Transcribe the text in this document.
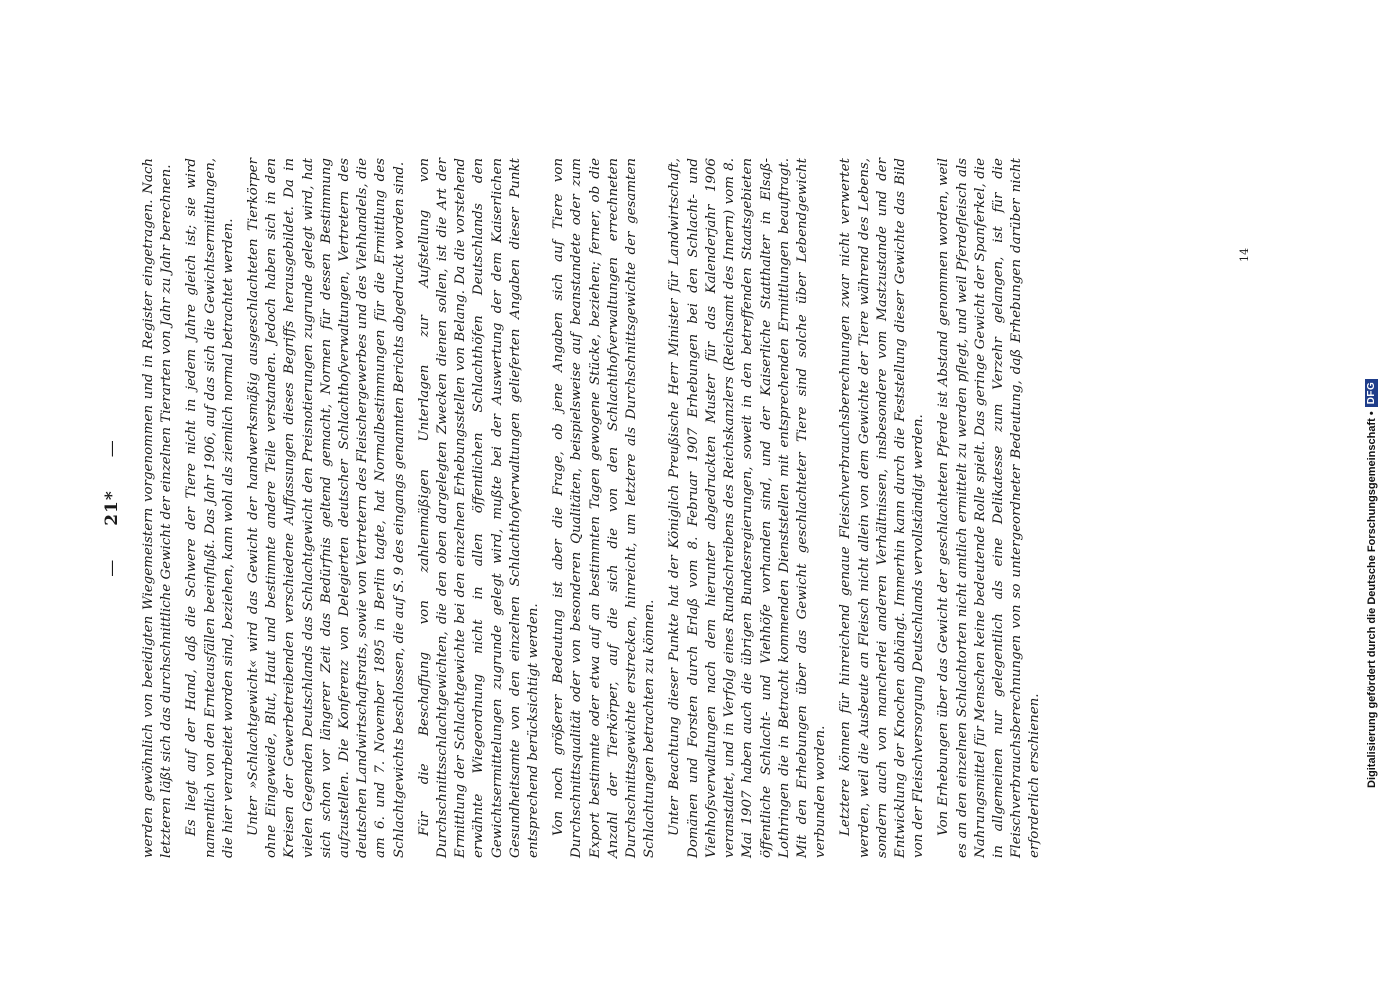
— 21* — werden gewöhnlich von beeidigten Wiegemeistern vorgenommen und in Register eingetragen. Nach letzteren läßt sich das durchschnittliche Gewicht der einzelnen Tierarten von Jahr zu Jahr berechnen. Es liegt auf der Hand, daß die Schwere der Tiere nicht in jedem Jahre gleich ist; sie wird namentlich von den Ernteausfällen beeinflußt. Das Jahr 1906, auf das sich die Gewichtsermittlungen, die hier verarbeitet worden sind, beziehen, kann wohl als ziemlich normal betrachtet werden. Unter »Schlachtgewicht« wird das Gewicht der handwerksmäßig ausgeschlachteten Tierkörper ohne Eingeweide, Blut, Haut und bestimmte andere Teile verstanden. Jedoch haben sich in den Kreisen der Gewerbetreibenden verschiedene Auffassungen dieses Begriffs herausgebildet. Da in vielen Gegenden Deutschlands das Schlachtgewicht den Preisnotierungen zugrunde gelegt wird, hat sich schon vor längerer Zeit das Bedürfnis geltend gemacht, Normen für dessen Bestimmung aufzustellen. Die Konferenz von Delegierten deutscher Schlachthofverwaltungen, Vertretern des deutschen Landwirtschaftsrats, sowie von Vertretern des Fleischergewerbes und des Viehhandels, die am 6. und 7. November 1895 in Berlin tagte, hat Normalbestimmungen für die Ermittlung des Schlachtgewichts beschlossen, die auf S. 9 des eingangs genannten Berichts abgedruckt worden sind. Für die Beschaffung von zahlenmäßigen Unterlagen zur Aufstellung von Durchschnittsschlachtgewichten, die den oben dargelegten Zwecken dienen sollen, ist die Art der Ermittlung der Schlachtgewichte bei den einzelnen Erhebungsstellen von Belang. Da die vorstehend erwähnte Wiegeordnung nicht in allen öffentlichen Schlachthöfen Deutschlands den Gewichtsermittelungen zugrunde gelegt wird, mußte bei der Auswertung der dem Kaiserlichen Gesundheitsamte von den einzelnen Schlachthofverwaltungen gelieferten Angaben dieser Punkt entsprechend berücksichtigt werden. Von noch größerer Bedeutung ist aber die Frage, ob jene Angaben sich auf Tiere von Durchschnittsqualität oder von besonderen Qualitäten, beispielsweise auf beanstandete oder zum Export bestimmte oder etwa auf an bestimmten Tagen gewogene Stücke, beziehen; ferner, ob die Anzahl der Tierkörper, auf die sich die von den Schlachthofverwaltungen errechneten Durchschnittsgewichte erstrecken, hinreicht, um letztere als Durchschnittsgewichte der gesamten Schlachtungen betrachten zu können. Unter Beachtung dieser Punkte hat der Königlich Preußische Herr Minister für Landwirtschaft, Domänen und Forsten durch Erlaß vom 8. Februar 1907 Erhebungen bei den Schlacht- und Viehhofsverwaltungen nach dem hierunter abgedruckten Muster für das Kalenderjahr 1906 veranstaltet, und in Verfolg eines Rundschreibens des Reichskanzlers (Reichsamt des Innern) vom 8. Mai 1907 haben auch die übrigen Bundesregierungen, soweit in den betreffenden Staatsgebieten öffentliche Schlacht- und Viehhöfe vorhanden sind, und der Kaiserliche Statthalter in Elsaß-Lothringen die in Betracht kommenden Dienststellen mit entsprechenden Ermittlungen beauftragt. Mit den Erhebungen über das Gewicht geschlachteter Tiere sind solche über Lebendgewicht verbunden worden. Letztere können für hinreichend genaue Fleischverbrauchsberechnungen zwar nicht verwertet werden, weil die Ausbeute an Fleisch nicht allein von dem Gewichte der Tiere während des Lebens, sondern auch von mancherlei anderen Verhältnissen, insbesondere vom Mastzustande und der Entwicklung der Knochen abhängt. Immerhin kann durch die Feststellung dieser Gewichte das Bild von der Fleischversorgung Deutschlands vervollständigt werden. Von Erhebungen über das Gewicht der geschlachteten Pferde ist Abstand genommen worden, weil es an den einzelnen Schlachtorten nicht amtlich ermittelt zu werden pflegt, und weil Pferdefleisch als Nahrungsmittel für Menschen keine bedeutende Rolle spielt. Das geringe Gewicht der Spanferkel, die in allgemeinen nur gelegentlich als eine Delikatesse zum Verzehr gelangen, ist für die Fleischverbrauchsberechnungen von so untergeordneter Bedeutung, daß Erhebungen darüber nicht erforderlich erschienen.

14
Digitalisierung gefördert durch die Deutsche Forschungsgemeinschaft •
DFG
